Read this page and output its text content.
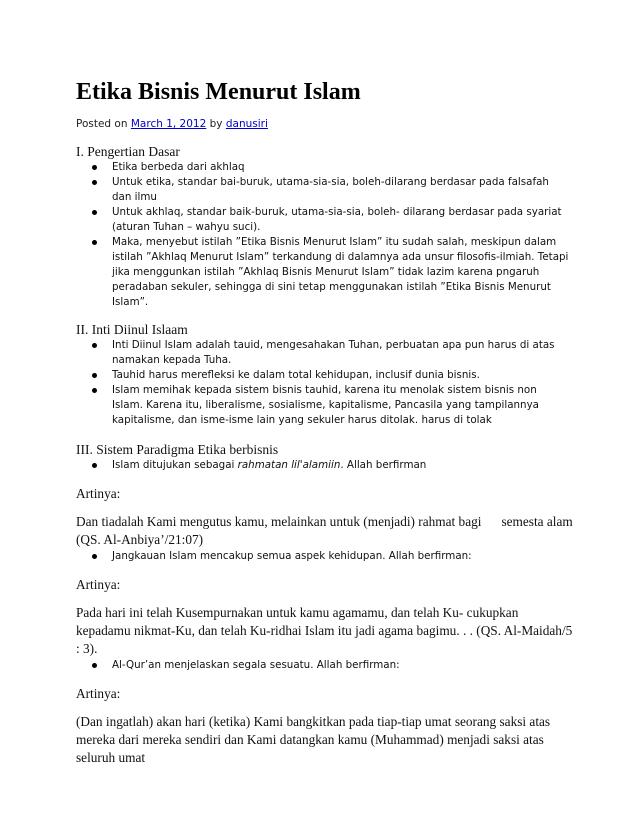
Etika Bisnis Menurut Islam
Posted on March 1, 2012 by danusiri

I. Pengertian Dasar

Etika berbeda dari akhlaq
Untuk etika, standar bai-buruk, utama-sia-sia, boleh-dilarang berdasar pada falsafah dan ilmu
Untuk akhlaq, standar baik-buruk, utama-sia-sia, boleh- dilarang berdasar pada syariat (aturan Tuhan – wahyu suci).
Maka, menyebut istilah ”Etika Bisnis Menurut Islam” itu sudah salah, meskipun dalam istilah ”Akhlaq Menurut Islam” terkandung di dalamnya ada unsur filosofis-ilmiah. Tetapi jika menggunkan istilah ”Akhlaq Bisnis Menurut Islam” tidak lazim karena pngaruh peradaban sekuler, sehingga di sini tetap menggunakan istilah ”Etika Bisnis Menurut Islam”.

II. Inti Diinul Islaam

Inti Diinul Islam adalah tauid, mengesahakan Tuhan, perbuatan apa pun harus di atas namakan kepada Tuha.
Tauhid harus merefleksi ke dalam total kehidupan, inclusif dunia bisnis.
Islam memihak kepada sistem bisnis tauhid, karena itu menolak sistem bisnis non Islam. Karena itu, liberalisme, sosialisme, kapitalisme, Pancasila yang tampilannya kapitalisme, dan isme-isme lain yang sekuler harus ditolak. harus di tolak

III. Sistem Paradigma Etika berbisnis

Islam ditujukan sebagai rahmatan lil'alamiin. Allah berfirman

Artinya:

Dan tiadalah Kami mengutus kamu, melainkan untuk (menjadi) rahmat bagi semesta alam
(QS. Al-Anbiya’/21:07)

Jangkauan Islam mencakup semua aspek kehidupan. Allah berfirman:

Artinya:

Pada hari ini telah Kusempurnakan untuk kamu agamamu, dan telah Ku- cukupkan kepadamu nikmat-Ku, dan telah Ku-ridhai Islam itu jadi agama bagimu. . . (QS. Al-Maidah/5 : 3).

Al-Qur’an menjelaskan segala sesuatu. Allah berfirman:

Artinya:

(Dan ingatlah) akan hari (ketika) Kami bangkitkan pada tiap-tiap umat seorang saksi atas mereka dari mereka sendiri dan Kami datangkan kamu (Muhammad) menjadi saksi atas seluruh umat
